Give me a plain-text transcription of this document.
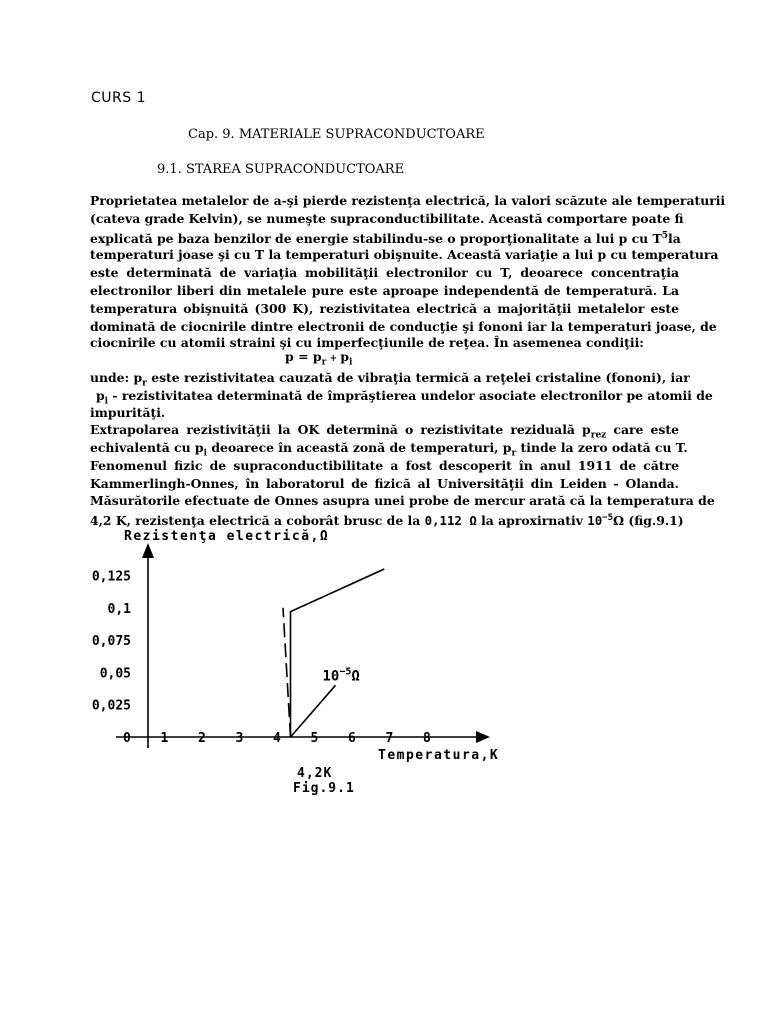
CURS 1
Cap. 9. MATERIALE SUPRACONDUCTOARE
9.1. STAREA SUPRACONDUCTOARE
Proprietatea metalelor de a-şi pierde rezistenţa electrică, la valori scăzute ale temperaturii
(cateva grade Kelvin), se numeşte supraconductibilitate. Această comportare poate fi
explicată pe baza benzilor de energie stabilindu-se o proporţionalitate a lui p cu $T^5la$
temperaturi joase şi cu T la temperaturi obişnuite. Această variaţie a lui p cu temperatura
este determinată de variaţia mobilităţii electronilor cu T, deoarece concentraţia
electronilor liberi din metalele pure este aproape independentă de temperatură. La
temperatura obişnuită (300 K), rezistivitatea electrică a majorităţii metalelor este
dominată de ciocnirile dintre electronii de conducţie şi fononi iar la temperaturi joase, de
ciocnirile cu atomii straini şi cu imperfecţiunile de reţea. În asemenea condiţii:
$p = p_r + p_i$
unde: $p_r$ este rezistivitatea cauzată de vibraţia termică a reţelei cristaline (fononi), iar
$p_i$ - rezistivitatea determinată de împrăştierea undelor asociate electronilor pe atomii de
impurităţi.
Extrapolarea rezistivităţii la OK determină o rezistivitate reziduală $p_{rez}$ care este
echivalentă cu $p_i$ deoarece în această zonă de temperaturi, $p_r$ tinde la zero odată cu T.
Fenomenul fizic de supraconductibilitate a fost descoperit în anul 1911 de către
Kammerlingh-Onnes, în laboratorul de fizică al Universităţii din Leiden - Olanda.
Măsurătorile efectuate de Onnes asupra unei probe de mercur arată că la temperatura de
4,2 K, rezistenţa electrică a coborât brusc de la 0,112 Ω la aproxirnativ $10^{-5}\Omega$ (fig.9.1)
0 1 2 3 4 5 6 7 8
0,025
0,05
0,075
0,1
0,125
Rezistenţa electrică,Ω
Temperatura,K
$10^{-5}\Omega$
4,2K
Fig.9.1
